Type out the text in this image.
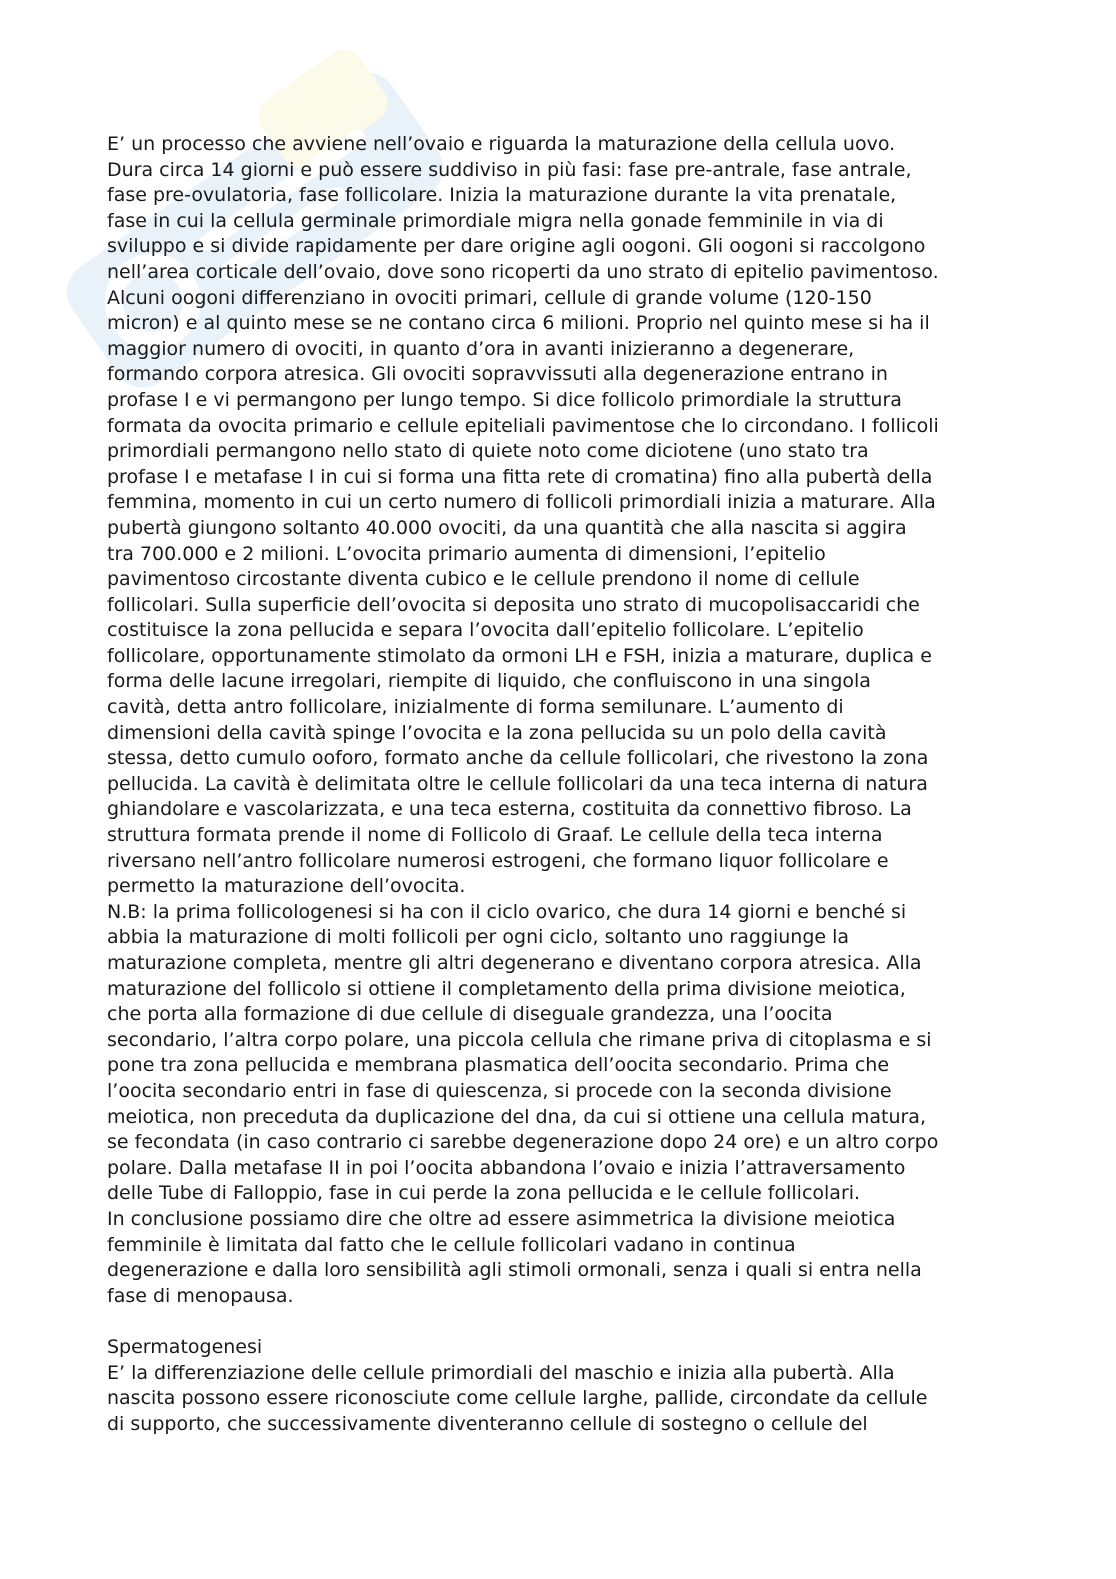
E’ un processo che avviene nell’ovaio e riguarda la maturazione della cellula uovo.
Dura circa 14 giorni e può essere suddiviso in più fasi: fase pre-antrale, fase antrale,
fase pre-ovulatoria, fase follicolare. Inizia la maturazione durante la vita prenatale,
fase in cui la cellula germinale primordiale migra nella gonade femminile in via di
sviluppo e si divide rapidamente per dare origine agli oogoni. Gli oogoni si raccolgono
nell’area corticale dell’ovaio, dove sono ricoperti da uno strato di epitelio pavimentoso.
Alcuni oogoni differenziano in ovociti primari, cellule di grande volume (120-150
micron) e al quinto mese se ne contano circa 6 milioni. Proprio nel quinto mese si ha il
maggior numero di ovociti, in quanto d’ora in avanti inizieranno a degenerare,
formando corpora atresica. Gli ovociti sopravvissuti alla degenerazione entrano in
profase I e vi permangono per lungo tempo. Si dice follicolo primordiale la struttura
formata da ovocita primario e cellule epiteliali pavimentose che lo circondano. I follicoli
primordiali permangono nello stato di quiete noto come diciotene (uno stato tra
profase I e metafase I in cui si forma una fitta rete di cromatina) fino alla pubertà della
femmina, momento in cui un certo numero di follicoli primordiali inizia a maturare. Alla
pubertà giungono soltanto 40.000 ovociti, da una quantità che alla nascita si aggira
tra 700.000 e 2 milioni. L’ovocita primario aumenta di dimensioni, l’epitelio
pavimentoso circostante diventa cubico e le cellule prendono il nome di cellule
follicolari. Sulla superficie dell’ovocita si deposita uno strato di mucopolisaccaridi che
costituisce la zona pellucida e separa l’ovocita dall’epitelio follicolare. L’epitelio
follicolare, opportunamente stimolato da ormoni LH e FSH, inizia a maturare, duplica e
forma delle lacune irregolari, riempite di liquido, che confluiscono in una singola
cavità, detta antro follicolare, inizialmente di forma semilunare. L’aumento di
dimensioni della cavità spinge l’ovocita e la zona pellucida su un polo della cavità
stessa, detto cumulo ooforo, formato anche da cellule follicolari, che rivestono la zona
pellucida. La cavità è delimitata oltre le cellule follicolari da una teca interna di natura
ghiandolare e vascolarizzata, e una teca esterna, costituita da connettivo fibroso. La
struttura formata prende il nome di Follicolo di Graaf. Le cellule della teca interna
riversano nell’antro follicolare numerosi estrogeni, che formano liquor follicolare e
permetto la maturazione dell’ovocita.

N.B: la prima follicologenesi si ha con il ciclo ovarico, che dura 14 giorni e benché si
abbia la maturazione di molti follicoli per ogni ciclo, soltanto uno raggiunge la
maturazione completa, mentre gli altri degenerano e diventano corpora atresica. Alla
maturazione del follicolo si ottiene il completamento della prima divisione meiotica,
che porta alla formazione di due cellule di diseguale grandezza, una l’oocita
secondario, l’altra corpo polare, una piccola cellula che rimane priva di citoplasma e si
pone tra zona pellucida e membrana plasmatica dell’oocita secondario. Prima che
l’oocita secondario entri in fase di quiescenza, si procede con la seconda divisione
meiotica, non preceduta da duplicazione del dna, da cui si ottiene una cellula matura,
se fecondata (in caso contrario ci sarebbe degenerazione dopo 24 ore) e un altro corpo
polare. Dalla metafase II in poi l’oocita abbandona l’ovaio e inizia l’attraversamento
delle Tube di Falloppio, fase in cui perde la zona pellucida e le cellule follicolari.

In conclusione possiamo dire che oltre ad essere asimmetrica la divisione meiotica
femminile è limitata dal fatto che le cellule follicolari vadano in continua
degenerazione e dalla loro sensibilità agli stimoli ormonali, senza i quali si entra nella
fase di menopausa.

Spermatogenesi

E’ la differenziazione delle cellule primordiali del maschio e inizia alla pubertà. Alla
nascita possono essere riconosciute come cellule larghe, pallide, circondate da cellule
di supporto, che successivamente diventeranno cellule di sostegno o cellule del
